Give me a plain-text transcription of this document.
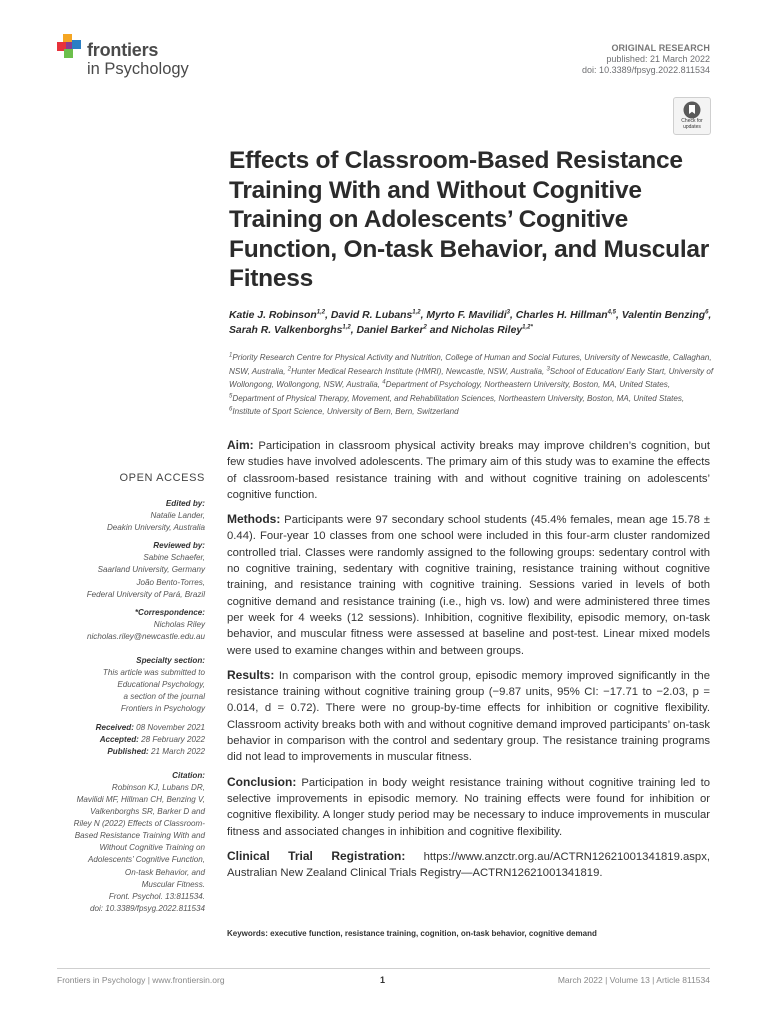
frontiers
in Psychology
ORIGINAL RESEARCH
published: 21 March 2022
doi: 10.3389/fpsyg.2022.811534
Check for
updates
Effects of Classroom-Based Resistance Training With and Without Cognitive Training on Adolescents’ Cognitive Function, On-task Behavior, and Muscular Fitness
Katie J. Robinson$^{1,2}$, David R. Lubans$^{1,2}$, Myrto F. Mavilidi$^3$, Charles H. Hillman$^{4,5}$, Valentin Benzing$^6$, Sarah R. Valkenborghs$^{1,2}$, Daniel Barker$^2$ and Nicholas Riley$^{1,2*}$
$^1$Priority Research Centre for Physical Activity and Nutrition, College of Human and Social Futures, University of Newcastle, Callaghan, NSW, Australia, $^2$Hunter Medical Research Institute (HMRI), Newcastle, NSW, Australia, $^3$School of Education/ Early Start, University of Wollongong, Wollongong, NSW, Australia, $^4$Department of Psychology, Northeastern University, Boston, MA, United States, $^5$Department of Physical Therapy, Movement, and Rehabilitation Sciences, Northeastern University, Boston, MA, United States, $^6$Institute of Sport Science, University of Bern, Bern, Switzerland
OPEN ACCESS
Edited by:
Natalie Lander,
Deakin University, Australia
Reviewed by:
Sabine Schaefer,
Saarland University, Germany
João Bento-Torres,
Federal University of Pará, Brazil
*Correspondence:
Nicholas Riley
nicholas.riley@newcastle.edu.au
Specialty section:
This article was submitted to
Educational Psychology,
a section of the journal
Frontiers in Psychology
Received: 08 November 2021
Accepted: 28 February 2022
Published: 21 March 2022
Citation:
Robinson KJ, Lubans DR,
Mavilidi MF, Hillman CH, Benzing V,
Valkenborghs SR, Barker D and
Riley N (2022) Effects of Classroom-
Based Resistance Training With and
Without Cognitive Training on
Adolescents’ Cognitive Function,
On-task Behavior, and
Muscular Fitness.
Front. Psychol. 13:811534.
doi: 10.3389/fpsyg.2022.811534

Aim: Participation in classroom physical activity breaks may improve children’s cognition, but few studies have involved adolescents. The primary aim of this study was to examine the effects of classroom-based resistance training with and without cognitive training on adolescents’ cognitive function.

Methods: Participants were 97 secondary school students (45.4% females, mean age 15.78 ± 0.44). Four-year 10 classes from one school were included in this four-arm cluster randomized controlled trial. Classes were randomly assigned to the following groups: sedentary control with no cognitive training, sedentary with cognitive training, resistance training without cognitive training, and resistance training with cognitive training. Sessions varied in levels of both cognitive demand and resistance training (i.e., high vs. low) and were administered three times per week for 4 weeks (12 sessions). Inhibition, cognitive flexibility, episodic memory, on-task behavior, and muscular fitness were assessed at baseline and post-test. Linear mixed models were used to examine changes within and between groups.

Results: In comparison with the control group, episodic memory improved significantly in the resistance training without cognitive training group (−9.87 units, 95% CI: −17.71 to −2.03, p = 0.014, d = 0.72). There were no group-by-time effects for inhibition or cognitive flexibility. Classroom activity breaks both with and without cognitive demand improved participants’ on-task behavior in comparison with the control and sedentary group. The resistance training programs did not lead to improvements in muscular fitness.

Conclusion: Participation in body weight resistance training without cognitive training led to selective improvements in episodic memory. No training effects were found for inhibition or cognitive flexibility. A longer study period may be necessary to induce improvements in muscular fitness and associated changes in inhibition and cognitive flexibility.

Clinical Trial Registration: https://www.anzctr.org.au/ACTRN12621001341819.aspx, Australian New Zealand Clinical Trials Registry—ACTRN12621001341819.

Keywords: executive function, resistance training, cognition, on-task behavior, cognitive demand
Frontiers in Psychology | www.frontiersin.org	1	March 2022 | Volume 13 | Article 811534
